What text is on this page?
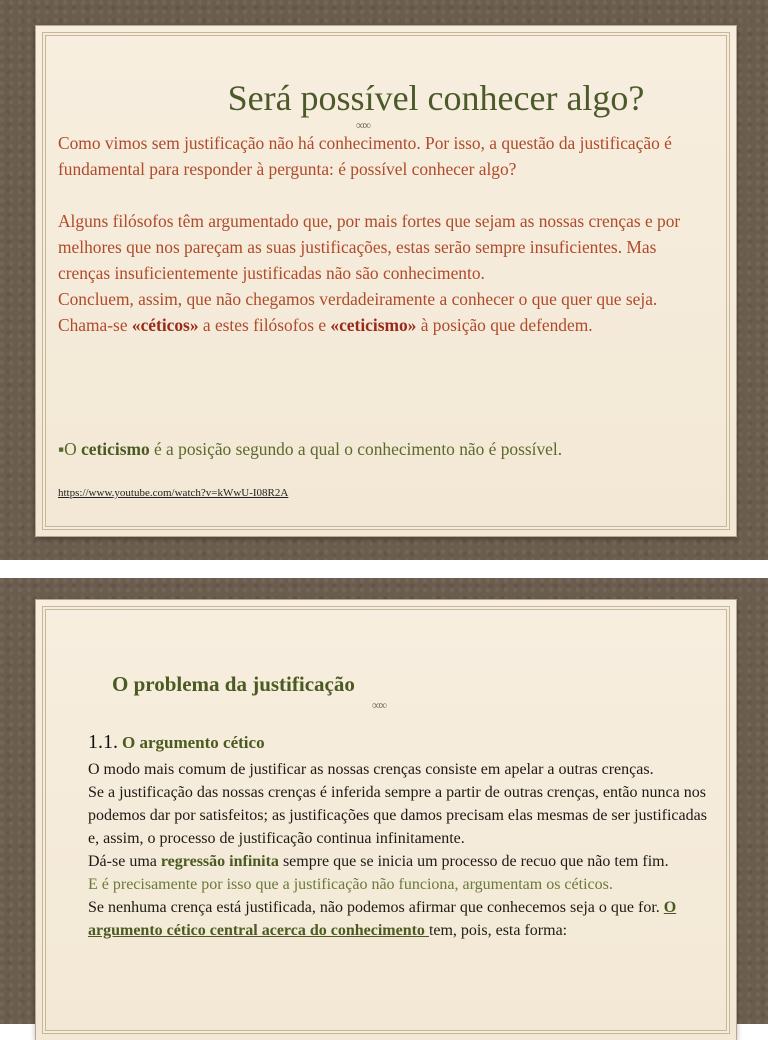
Será possível conhecer algo?
∞∞

Como vimos sem justificação não há conhecimento. Por isso, a questão da justificação é fundamental para responder à pergunta: é possível conhecer algo?

Alguns filósofos têm argumentado que, por mais fortes que sejam as nossas crenças e por melhores que nos pareçam as suas justificações, estas serão sempre insuficientes. Mas crenças insuficientemente justificadas não são conhecimento.

Concluem, assim, que não chegamos verdadeiramente a conhecer o que quer que seja. Chama-se «céticos» a estes filósofos e «ceticismo» à posição que defendem.

▪O ceticismo é a posição segundo a qual o conhecimento não é possível.
https://www.youtube.com/watch?v=kWwU-I08R2A
O problema da justificação
∞∞

1.1. O argumento cético

O modo mais comum de justificar as nossas crenças consiste em apelar a outras crenças.

Se a justificação das nossas crenças é inferida sempre a partir de outras crenças, então nunca nos podemos dar por satisfeitos; as justificações que damos precisam elas mesmas de ser justificadas e, assim, o processo de justificação continua infinitamente.

Dá-se uma regressão infinita sempre que se inicia um processo de recuo que não tem fim.

E é precisamente por isso que a justificação não funciona, argumentam os céticos.

Se nenhuma crença está justificada, não podemos afirmar que conhecemos seja o que for. O argumento cético central acerca do conhecimento tem, pois, esta forma:
